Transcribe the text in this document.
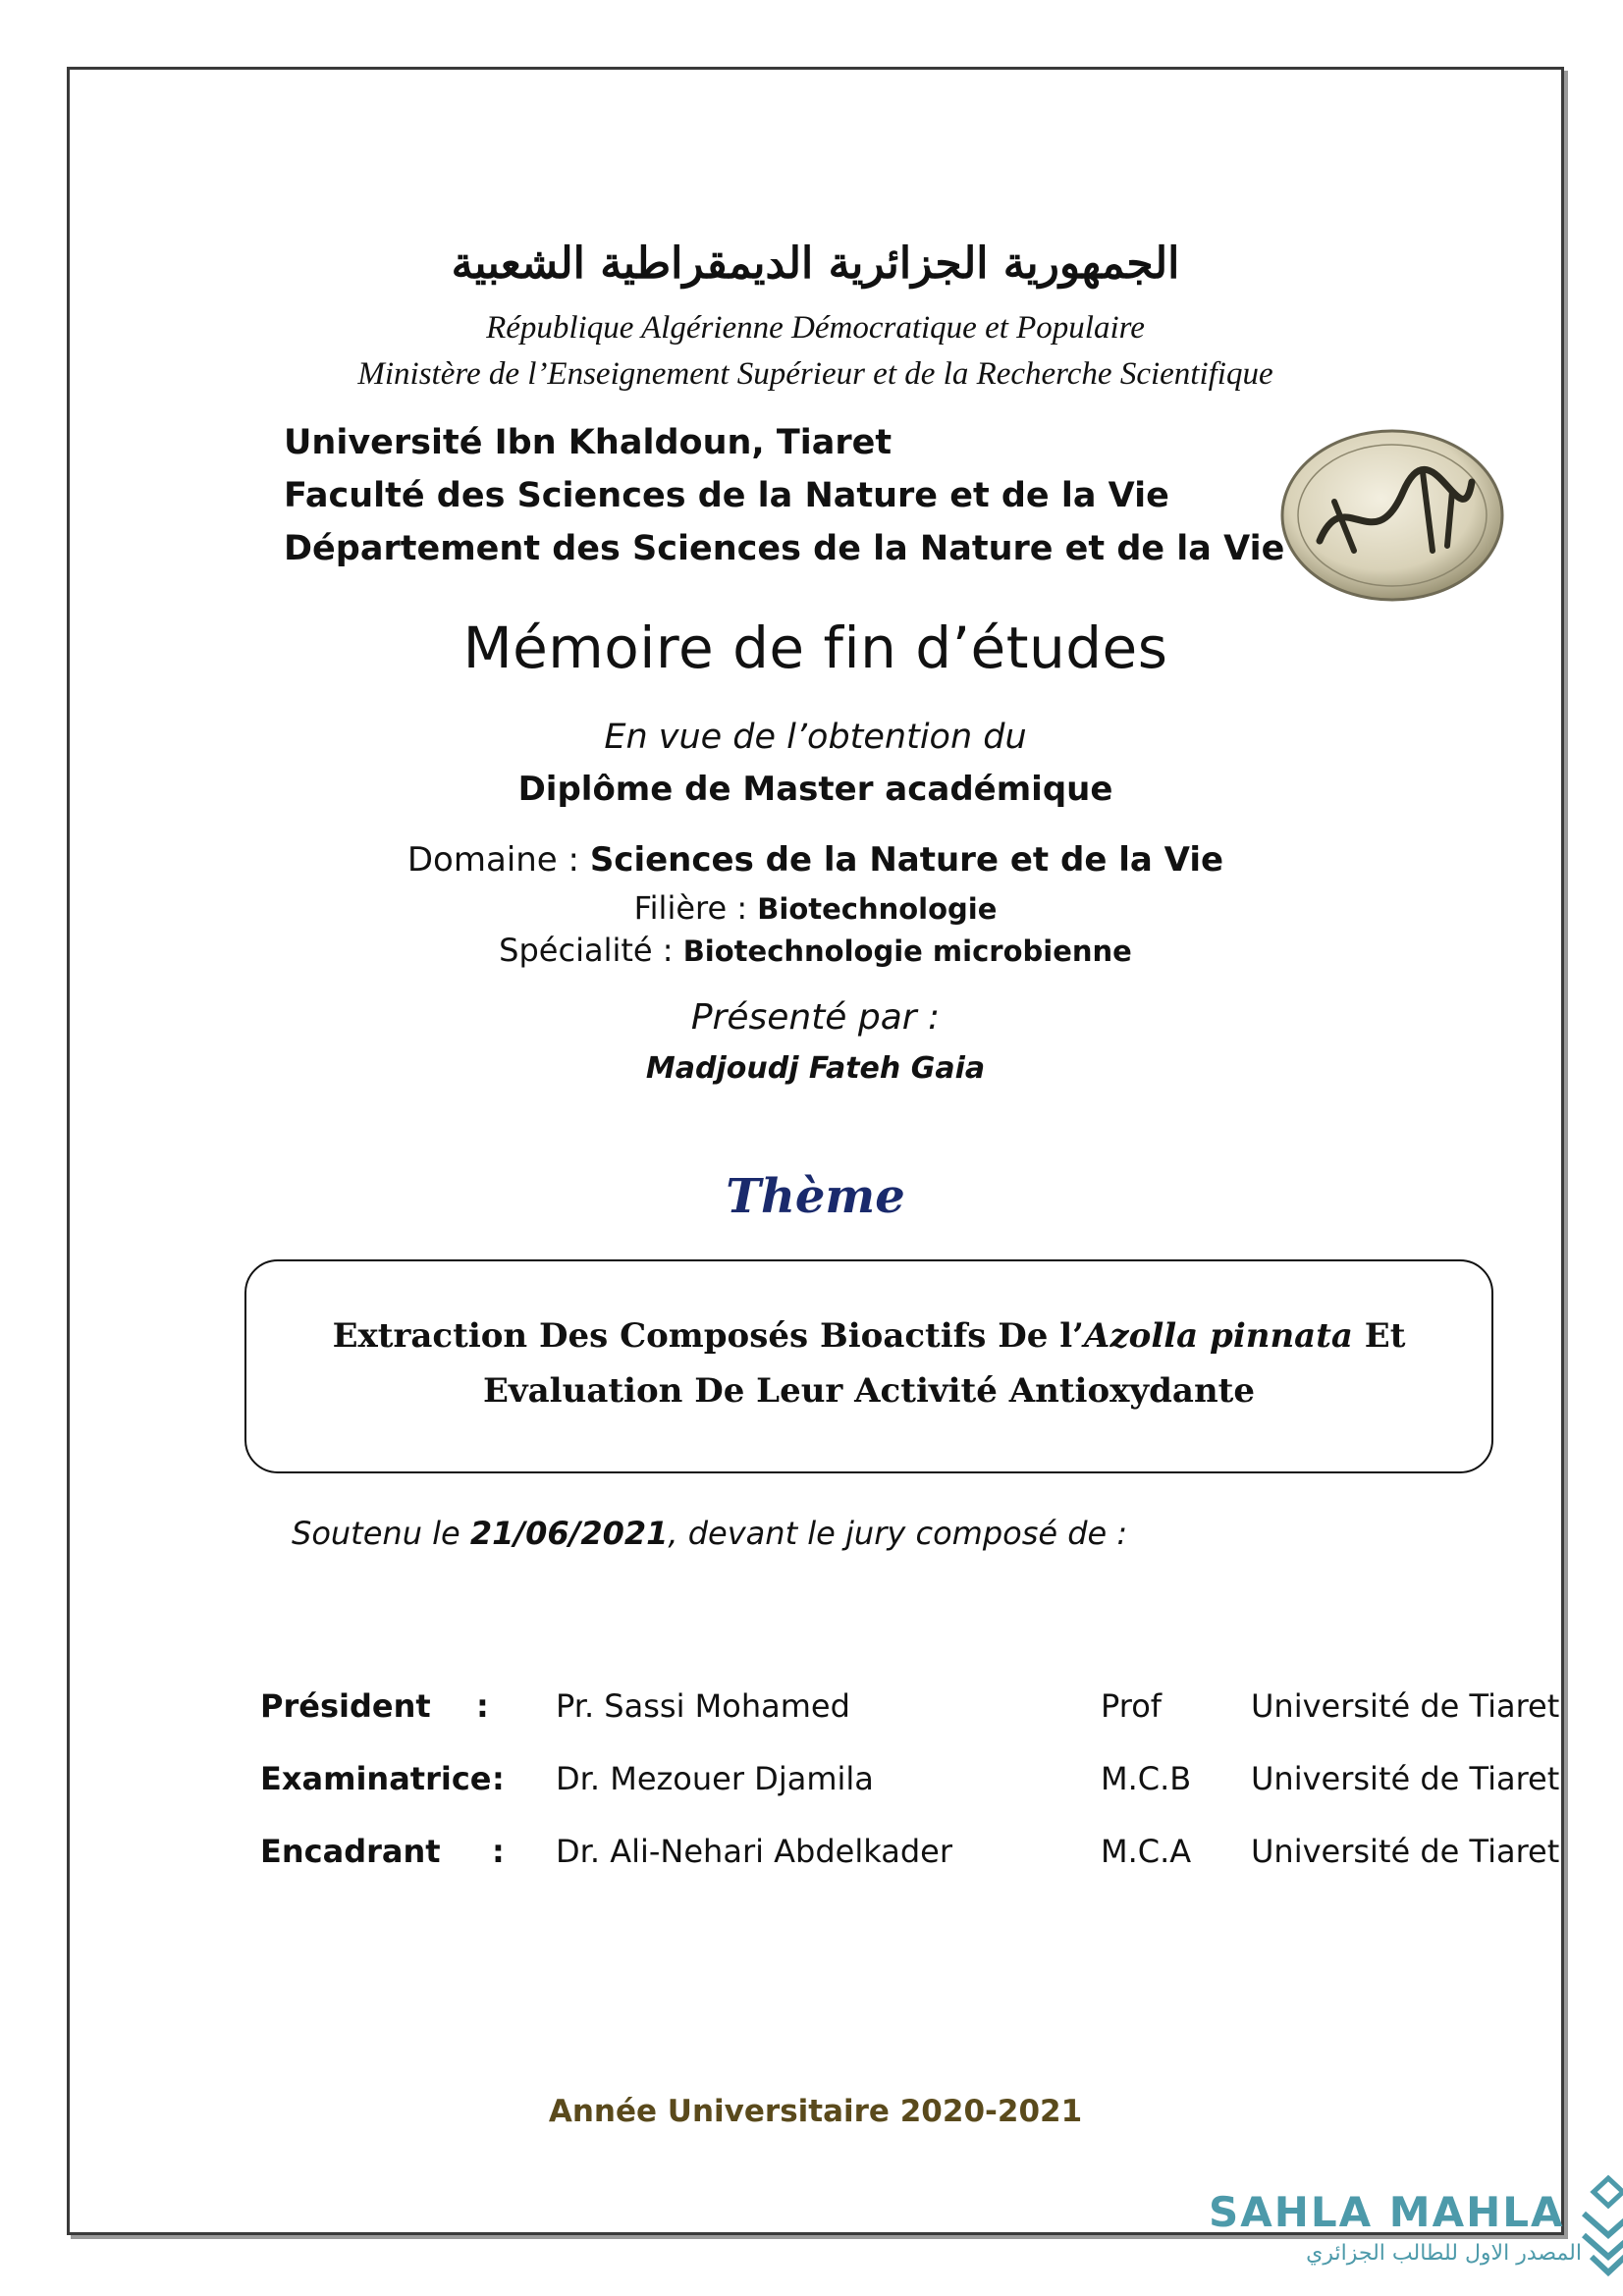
الجمهورية الجزائرية الديمقراطية الشعبية
République Algérienne Démocratique et Populaire
Ministère de l’Enseignement Supérieur et de la Recherche Scientifique
Université Ibn Khaldoun, Tiaret
Faculté des Sciences de la Nature et de la Vie
Département des Sciences de la Nature et de la Vie
Mémoire de fin d’études
En vue de l’obtention du
Diplôme de Master académique
Domaine : Sciences de la Nature et de la Vie
Filière : Biotechnologie
Spécialité : Biotechnologie microbienne
Présenté par :
Madjoudj Fateh Gaia
Thème
Extraction Des Composés Bioactifs De l’Azolla pinnata Et
Evaluation De Leur Activité Antioxydante
Soutenu le 21/06/2021, devant le jury composé de :
Président : Pr. Sassi Mohamed	Prof	Université de Tiaret
Examinatrice : Dr. Mezouer Djamila	M.C.B Université de Tiaret
Encadrant : Dr. Ali-Nehari Abdelkader	M.C.A Université de Tiaret
Année Universitaire 2020-2021
SAHLA MAHLA
المصدر الاول للطالب الجزائري
